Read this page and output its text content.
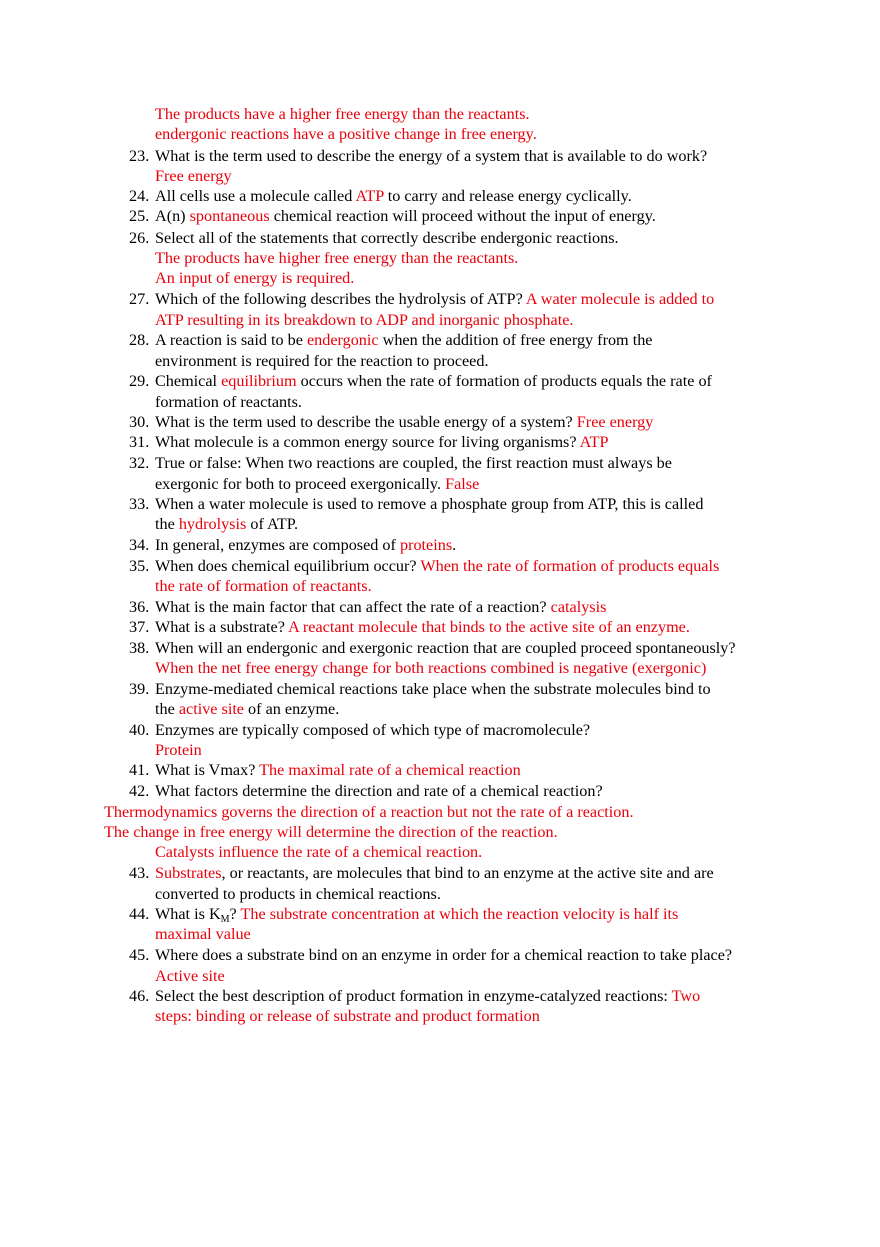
The products have a higher free energy than the reactants.
endergonic reactions have a positive change in free energy.
23. What is the term used to describe the energy of a system that is available to do work?
Free energy
24. All cells use a molecule called ATP to carry and release energy cyclically.
25. A(n) spontaneous chemical reaction will proceed without the input of energy.
26. Select all of the statements that correctly describe endergonic reactions.
The products have higher free energy than the reactants.
An input of energy is required.
27. Which of the following describes the hydrolysis of ATP? A water molecule is added to
ATP resulting in its breakdown to ADP and inorganic phosphate.
28. A reaction is said to be endergonic when the addition of free energy from the
environment is required for the reaction to proceed.
29. Chemical equilibrium occurs when the rate of formation of products equals the rate of
formation of reactants.
30. What is the term used to describe the usable energy of a system? Free energy
31. What molecule is a common energy source for living organisms? ATP
32. True or false: When two reactions are coupled, the first reaction must always be
exergonic for both to proceed exergonically. False
33. When a water molecule is used to remove a phosphate group from ATP, this is called
the hydrolysis of ATP.
34. In general, enzymes are composed of proteins.
35. When does chemical equilibrium occur? When the rate of formation of products equals
the rate of formation of reactants.
36. What is the main factor that can affect the rate of a reaction? catalysis
37. What is a substrate? A reactant molecule that binds to the active site of an enzyme.
38. When will an endergonic and exergonic reaction that are coupled proceed spontaneously?
When the net free energy change for both reactions combined is negative (exergonic)
39. Enzyme-mediated chemical reactions take place when the substrate molecules bind to
the active site of an enzyme.
40. Enzymes are typically composed of which type of macromolecule?
Protein
41. What is Vmax? The maximal rate of a chemical reaction
42. What factors determine the direction and rate of a chemical reaction?
Thermodynamics governs the direction of a reaction but not the rate of a reaction.
The change in free energy will determine the direction of the reaction.
Catalysts influence the rate of a chemical reaction.
43. Substrates, or reactants, are molecules that bind to an enzyme at the active site and are
converted to products in chemical reactions.
44. What is $K_M$? The substrate concentration at which the reaction velocity is half its
maximal value
45. Where does a substrate bind on an enzyme in order for a chemical reaction to take place?
Active site
46. Select the best description of product formation in enzyme-catalyzed reactions: Two
steps: binding or release of substrate and product formation
